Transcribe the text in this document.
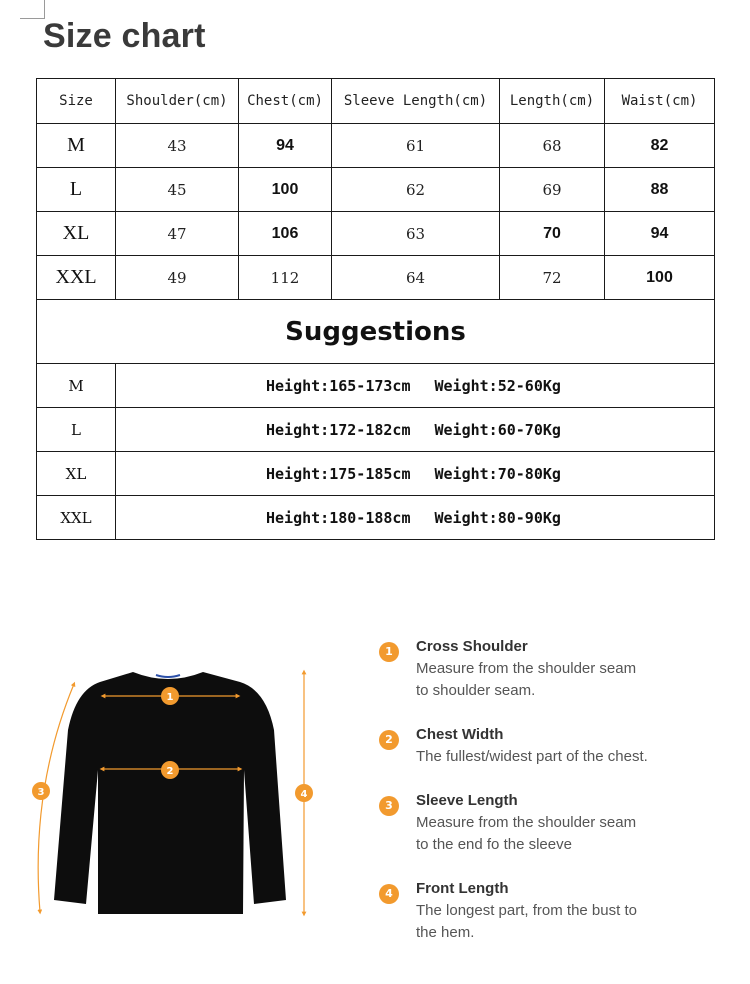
Size chart
Size	Shoulder(cm)	Chest(cm)	Sleeve Length(cm)	Length(cm)	Waist(cm)
M	43	94	61	68	82
L	45	100	62	69	88
XL	47	106	63	70	94
XXL	49	112	64	72	100
Suggestions					
M	Height:165-173cm Weight:52-60Kg				
L	Height:172-182cm Weight:60-70Kg				
XL	Height:175-185cm Weight:70-80Kg				
XXL	Height:180-188cm Weight:80-90Kg				
1
2
3	4
1	Cross Shoulder
Measure from the shoulder seam
to shoulder seam.
2	Chest Width
The fullest/widest part of the chest.
3	Sleeve Length
Measure from the shoulder seam
to the end fo the sleeve
4	Front Length
The longest part, from the bust to
the hem.
